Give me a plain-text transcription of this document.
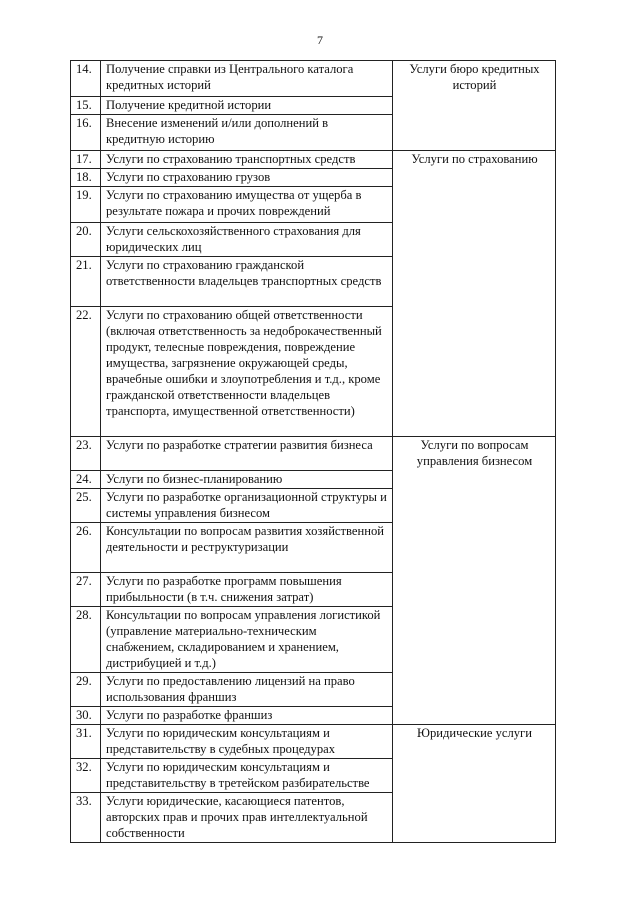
7
14.	Получение справки из Центрального каталога кредитных историй	Услуги бюро кредитных историй
15.	Получение кредитной истории	
16.	Внесение изменений и/или дополнений в кредитную историю	
17.	Услуги по страхованию транспортных средств	Услуги по страхованию
18.	Услуги по страхованию грузов	
19.	Услуги по страхованию имущества от ущерба в результате пожара и прочих повреждений	
20.	Услуги сельскохозяйственного страхования для юридических лиц	
21.	Услуги по страхованию гражданской ответственности владельцев транспортных средств	
22.	Услуги по страхованию общей ответственности (включая ответственность за недоброкачественный продукт, телесные повреждения, повреждение имущества, загрязнение окружающей среды, врачебные ошибки и злоупотребления и т.д., кроме гражданской ответственности владельцев транспорта, имущественной ответственности)	
23.	Услуги по разработке стратегии развития бизнеса	Услуги по вопросам управления бизнесом
24.	Услуги по бизнес-планированию	
25.	Услуги по разработке организационной структуры и системы управления бизнесом	
26.	Консультации по вопросам развития хозяйственной деятельности и реструктуризации	
27.	Услуги по разработке программ повышения прибыльности (в т.ч. снижения затрат)	
28.	Консультации по вопросам управления логистикой (управление материально-техническим снабжением, складированием и хранением, дистрибуцией и т.д.)	
29.	Услуги по предоставлению лицензий на право использования франшиз	
30.	Услуги по разработке франшиз	
31.	Услуги по юридическим консультациям и представительству в судебных процедурах	Юридические услуги
32.	Услуги по юридическим консультациям и представительству в третейском разбирательстве	
33.	Услуги юридические, касающиеся патентов, авторских прав и прочих прав интеллектуальной собственности	
